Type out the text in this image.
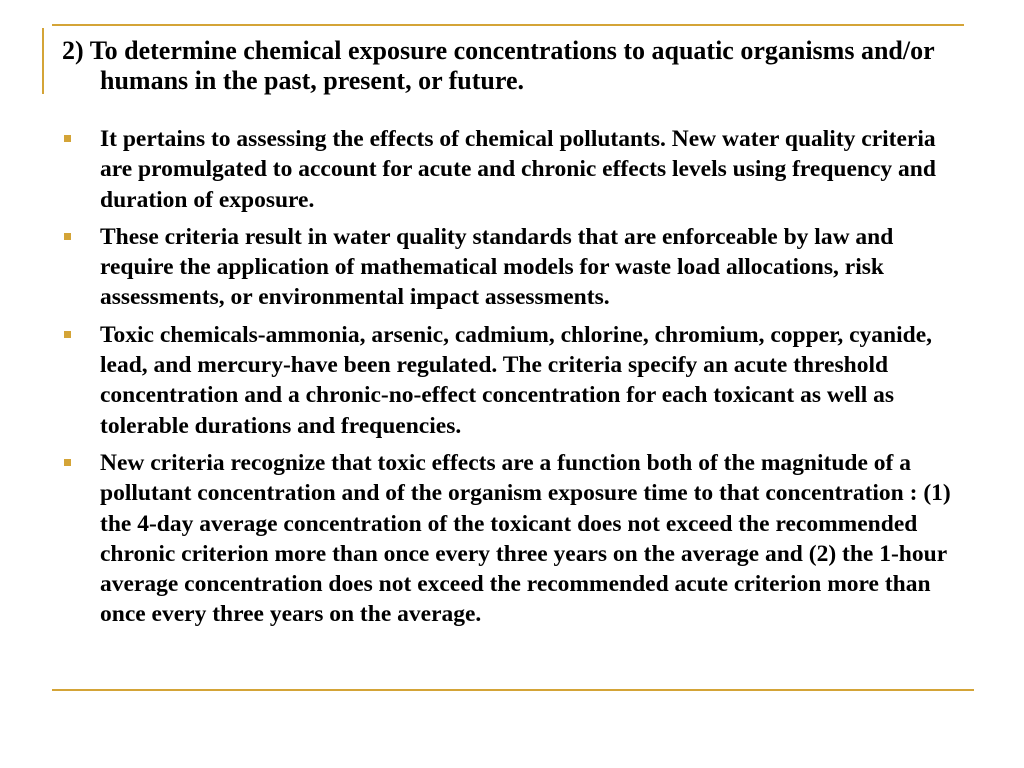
2) To determine chemical exposure concentrations to aquatic organisms and/or humans in the past, present, or future.
It pertains to assessing the effects of chemical pollutants. New water quality criteria are promulgated to account for acute and chronic effects levels using frequency and duration of exposure.
These criteria result in water quality standards that are enforceable by law and require the application of mathematical models for waste load allocations, risk assessments, or environmental impact assessments.
Toxic chemicals-ammonia, arsenic, cadmium, chlorine, chromium, copper, cyanide, lead, and mercury-have been regulated. The criteria specify an acute threshold concentration and a chronic-no-effect concentration for each toxicant as well as tolerable durations and frequencies.
New criteria recognize that toxic effects are a function both of the magnitude of a pollutant concentration and of the organism exposure time to that concentration : (1) the 4-day average concentration of the toxicant does not exceed the recommended chronic criterion more than once every three years on the average and (2) the 1-hour average concentration does not exceed the recommended acute criterion more than once every three years on the average.
